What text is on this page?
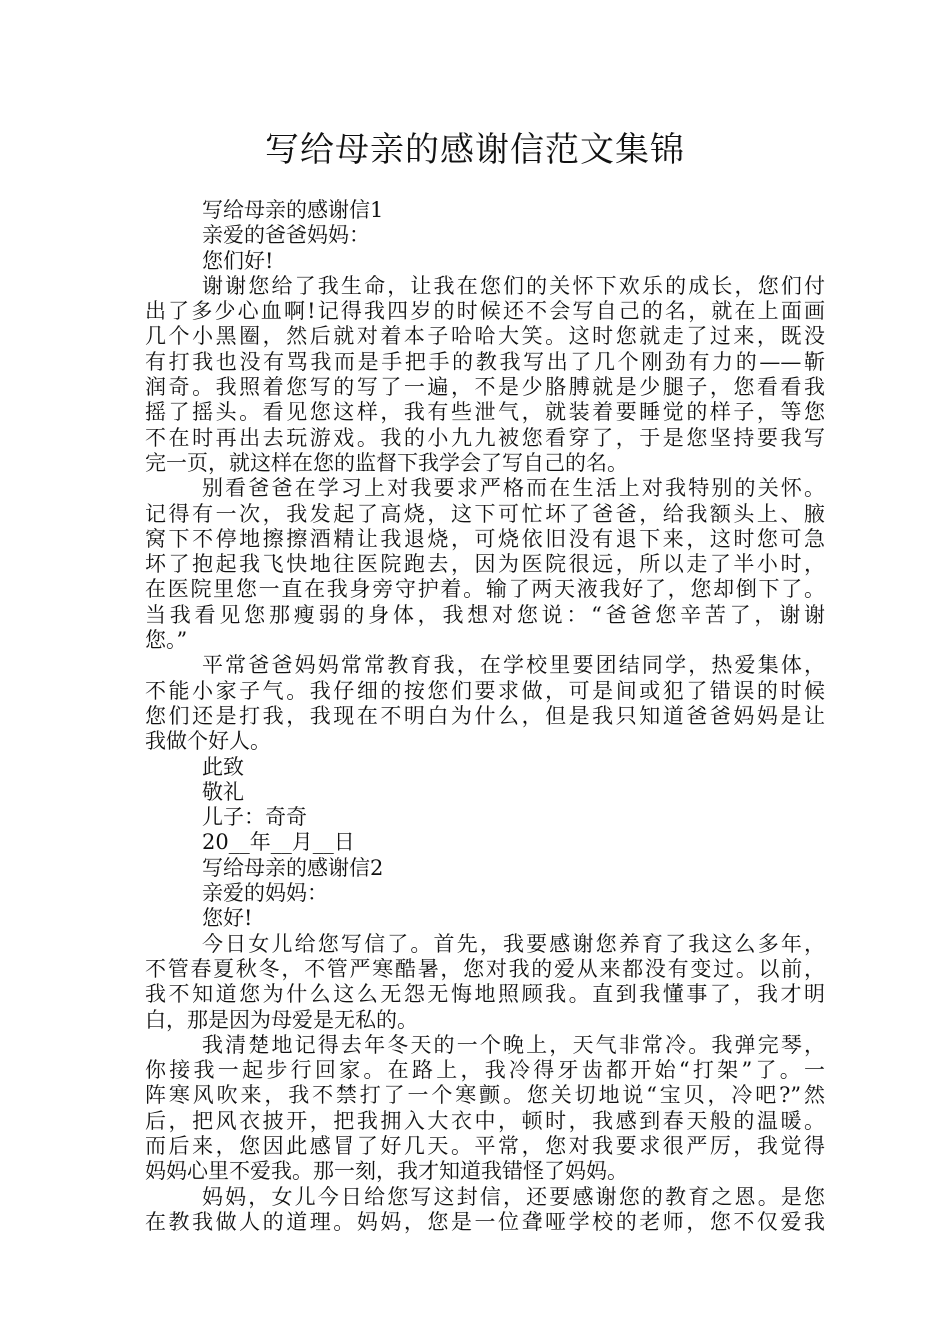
写给母亲的感谢信范文集锦

写给母亲的感谢信1

亲爱的爸爸妈妈：

您们好!

谢谢您给了我生命，让我在您们的关怀下欢乐的成长，您们付

出了多少心血啊!记得我四岁的时候还不会写自己的名，就在上面画

几个小黑圈，然后就对着本子哈哈大笑。这时您就走了过来，既没

有打我也没有骂我而是手把手的教我写出了几个刚劲有力的——靳

润奇。我照着您写的写了一遍，不是少胳膊就是少腿子，您看看我

摇了摇头。看见您这样，我有些泄气，就装着要睡觉的样子，等您

不在时再出去玩游戏。我的小九九被您看穿了，于是您坚持要我写

完一页，就这样在您的监督下我学会了写自己的名。

别看爸爸在学习上对我要求严格而在生活上对我特别的关怀。

记得有一次，我发起了高烧，这下可忙坏了爸爸，给我额头上、腋

窝下不停地擦擦酒精让我退烧，可烧依旧没有退下来，这时您可急

坏了抱起我飞快地往医院跑去，因为医院很远，所以走了半小时，

在医院里您一直在我身旁守护着。输了两天液我好了，您却倒下了。

当我看见您那瘦弱的身体，我想对您说：“爸爸您辛苦了，谢谢

您。”

平常爸爸妈妈常常教育我，在学校里要团结同学，热爱集体，

不能小家子气。我仔细的按您们要求做，可是间或犯了错误的时候

您们还是打我，我现在不明白为什么，但是我只知道爸爸妈妈是让

我做个好人。

此致

敬礼

儿子：奇奇

20__年__月__日

写给母亲的感谢信2

亲爱的妈妈：

您好!

今日女儿给您写信了。首先，我要感谢您养育了我这么多年，

不管春夏秋冬，不管严寒酷暑，您对我的爱从来都没有变过。以前，

我不知道您为什么这么无怨无悔地照顾我。直到我懂事了，我才明

白，那是因为母爱是无私的。

我清楚地记得去年冬天的一个晚上，天气非常冷。我弹完琴，

你接我一起步行回家。在路上，我冷得牙齿都开始“打架”了。一

阵寒风吹来，我不禁打了一个寒颤。您关切地说“宝贝，冷吧?”然

后，把风衣披开，把我拥入大衣中，顿时，我感到春天般的温暖。

而后来，您因此感冒了好几天。平常，您对我要求很严厉，我觉得

妈妈心里不爱我。那一刻，我才知道我错怪了妈妈。

妈妈，女儿今日给您写这封信，还要感谢您的教育之恩。是您

在教我做人的道理。妈妈，您是一位聋哑学校的老师，您不仅爱我
